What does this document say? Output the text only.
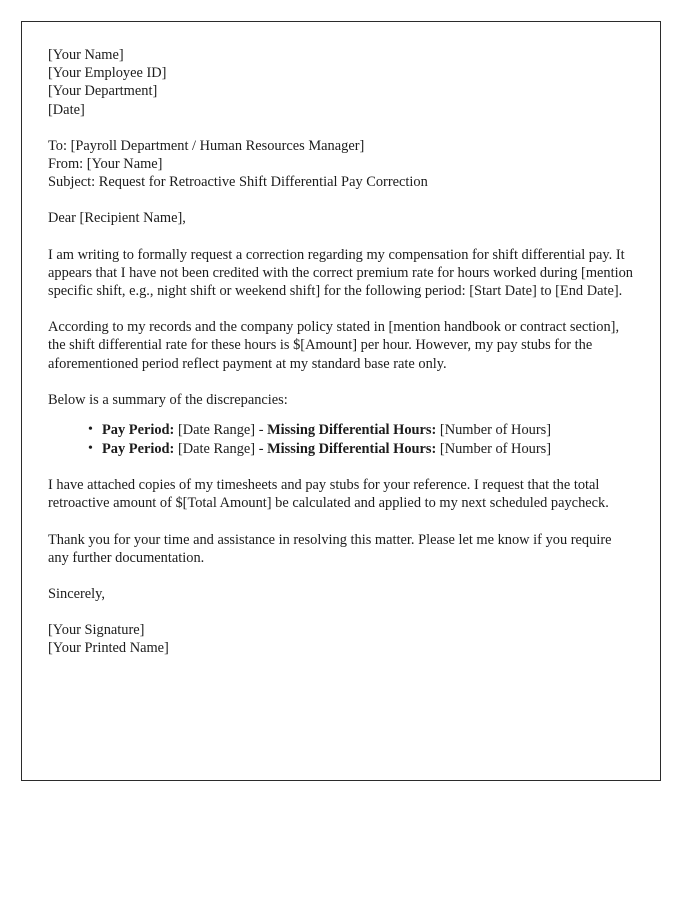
[Your Name]
[Your Employee ID]
[Your Department]
[Date]
To: [Payroll Department / Human Resources Manager]
From: [Your Name]
Subject: Request for Retroactive Shift Differential Pay Correction

Dear [Recipient Name],

I am writing to formally request a correction regarding my compensation for shift differential pay. It appears that I have not been credited with the correct premium rate for hours worked during [mention specific shift, e.g., night shift or weekend shift] for the following period: [Start Date] to [End Date].

According to my records and the company policy stated in [mention handbook or contract section], the shift differential rate for these hours is $[Amount] per hour. However, my pay stubs for the aforementioned period reflect payment at my standard base rate only.

Below is a summary of the discrepancies:

• Pay Period: [Date Range] - Missing Differential Hours: [Number of Hours]
• Pay Period: [Date Range] - Missing Differential Hours: [Number of Hours]

I have attached copies of my timesheets and pay stubs for your reference. I request that the total retroactive amount of $[Total Amount] be calculated and applied to my next scheduled paycheck.

Thank you for your time and assistance in resolving this matter. Please let me know if you require any further documentation.

Sincerely,

[Your Signature]
[Your Printed Name]
